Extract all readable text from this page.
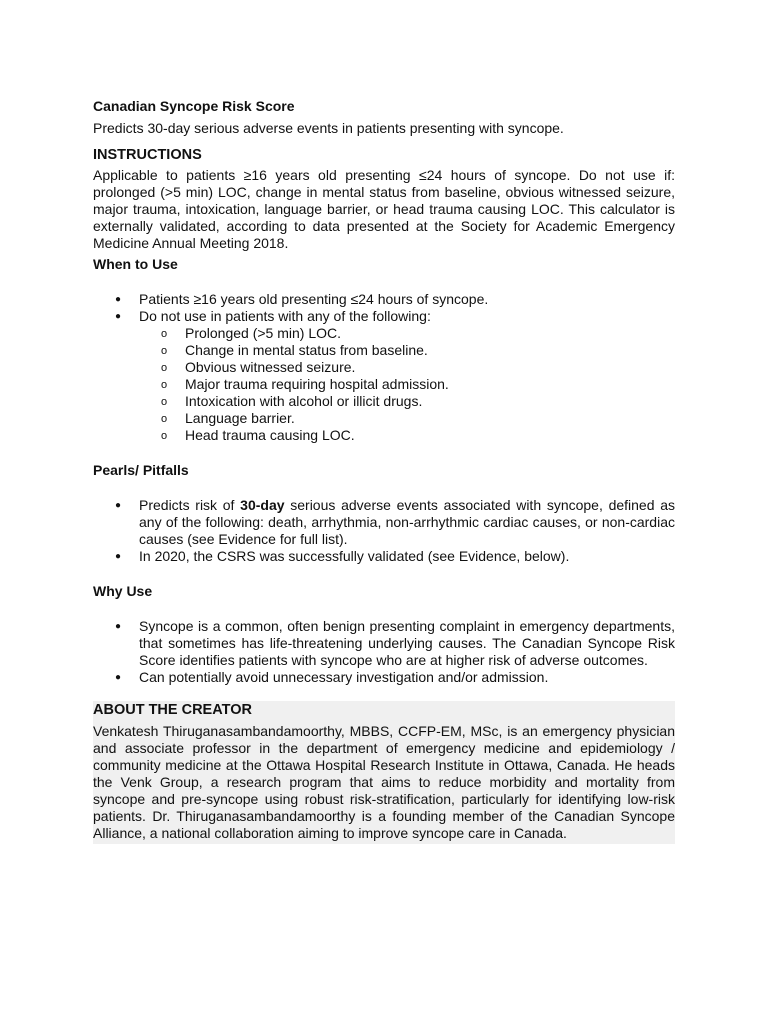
Canadian Syncope Risk Score
Predicts 30-day serious adverse events in patients presenting with syncope.
INSTRUCTIONS

Applicable to patients ≥16 years old presenting ≤24 hours of syncope. Do not use if: prolonged (>5 min) LOC, change in mental status from baseline, obvious witnessed seizure, major trauma, intoxication, language barrier, or head trauma causing LOC. This calculator is externally validated, according to data presented at the Society for Academic Emergency Medicine Annual Meeting 2018.

When to Use
● Patients ≥16 years old presenting ≤24 hours of syncope.
● Do not use in patients with any of the following:
o Prolonged (>5 min) LOC.
o Change in mental status from baseline.
o Obvious witnessed seizure.
o Major trauma requiring hospital admission.
o Intoxication with alcohol or illicit drugs.
o Language barrier.
o Head trauma causing LOC.
Pearls/ Pitfalls
● Predicts risk of 30-day serious adverse events associated with syncope, defined as any of the following: death, arrhythmia, non-arrhythmic cardiac causes, or non-cardiac causes (see Evidence for full list).
● In 2020, the CSRS was successfully validated (see Evidence, below).
Why Use
● Syncope is a common, often benign presenting complaint in emergency departments, that sometimes has life-threatening underlying causes. The Canadian Syncope Risk Score identifies patients with syncope who are at higher risk of adverse outcomes.
● Can potentially avoid unnecessary investigation and/or admission.
ABOUT THE CREATOR

Venkatesh Thiruganasambandamoorthy, MBBS, CCFP-EM, MSc, is an emergency physician and associate professor in the department of emergency medicine and epidemiology / community medicine at the Ottawa Hospital Research Institute in Ottawa, Canada. He heads the Venk Group, a research program that aims to reduce morbidity and mortality from syncope and pre-syncope using robust risk-stratification, particularly for identifying low-risk patients. Dr. Thiruganasambandamoorthy is a founding member of the Canadian Syncope Alliance, a national collaboration aiming to improve syncope care in Canada.
